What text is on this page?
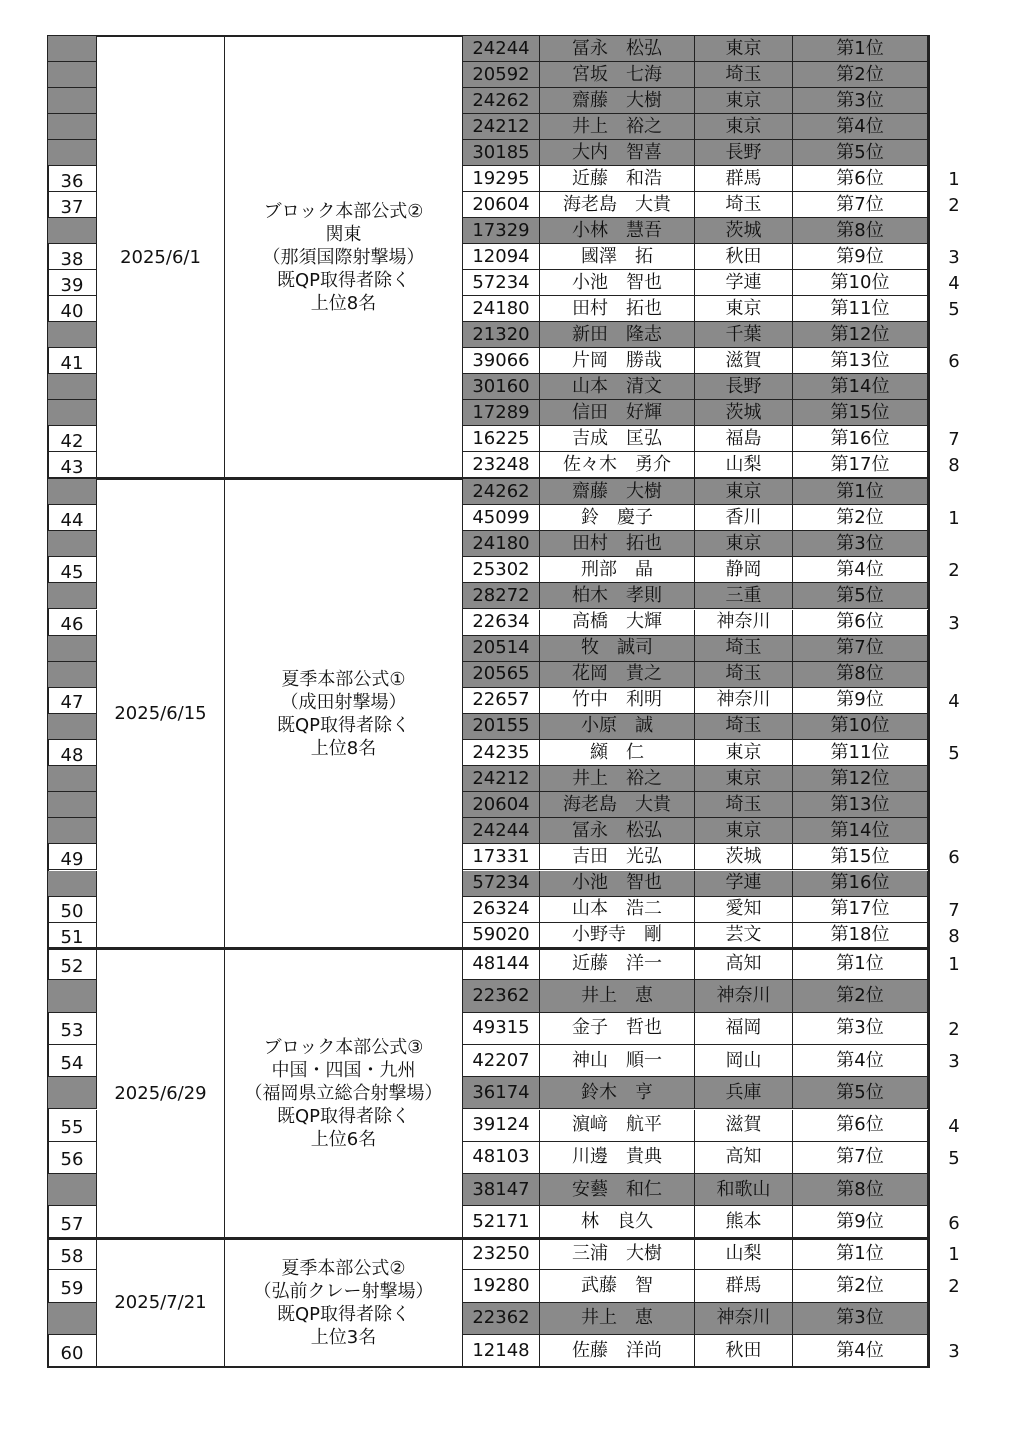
2025/6/1
ブロック本部公式②
関東
（那須国際射撃場）
既QP取得者除く
上位8名
24244	冨永　松弘	東京	第1位
20592	宮坂　七海	埼玉	第2位
24262	齋藤　大樹	東京	第3位
24212	井上　裕之	東京	第4位
30185	大内　智喜	長野	第5位
36	19295	近藤　和浩	群馬	第6位	1
37	20604	海老島　大貴	埼玉	第7位	2
17329	小林　慧吾	茨城	第8位
38	12094	國澤　拓	秋田	第9位	3
39	57234	小池　智也	学連	第10位	4
40	24180	田村　拓也	東京	第11位	5
21320	新田　隆志	千葉	第12位
41	39066	片岡　勝哉	滋賀	第13位	6
30160	山本　清文	長野	第14位
17289	信田　好輝	茨城	第15位
42	16225	吉成　匡弘	福島	第16位	7
43	23248	佐々木　勇介	山梨	第17位	8
2025/6/15
夏季本部公式①
（成田射撃場）
既QP取得者除く
上位8名
24262	齋藤　大樹	東京	第1位
44	45099	鈴　慶子	香川	第2位	1
24180	田村　拓也	東京	第3位
45	25302	刑部　晶	静岡	第4位	2
28272	柏木　孝則	三重	第5位
46	22634	高橋　大輝	神奈川	第6位	3
20514	牧　誠司	埼玉	第7位
20565	花岡　貴之	埼玉	第8位
47	22657	竹中　利明	神奈川	第9位	4
20155	小原　誠	埼玉	第10位
48	24235	纐　仁	東京	第11位	5
24212	井上　裕之	東京	第12位
20604	海老島　大貴	埼玉	第13位
24244	冨永　松弘	東京	第14位
49	17331	吉田　光弘	茨城	第15位	6
57234	小池　智也	学連	第16位
50	26324	山本　浩二	愛知	第17位	7
51	59020	小野寺　剛	芸文	第18位	8
2025/6/29
ブロック本部公式③
中国・四国・九州
（福岡県立総合射撃場）
既QP取得者除く
上位6名
52	48144	近藤　洋一	高知	第1位	1
22362	井上　恵	神奈川	第2位
53	49315	金子　哲也	福岡	第3位	2
54	42207	神山　順一	岡山	第4位	3
36174	鈴木　亨	兵庫	第5位
55	39124	濵﨑　航平	滋賀	第6位	4
56	48103	川邊　貴典	高知	第7位	5
38147	安藝　和仁	和歌山	第8位
57	52171	林　良久	熊本	第9位	6
2025/7/21
夏季本部公式②
（弘前クレー射撃場）
既QP取得者除く
上位3名
58	23250	三浦　大樹	山梨	第1位	1
59	19280	武藤　智	群馬	第2位	2
22362	井上　恵	神奈川	第3位
60	12148	佐藤　洋尚	秋田	第4位	3
